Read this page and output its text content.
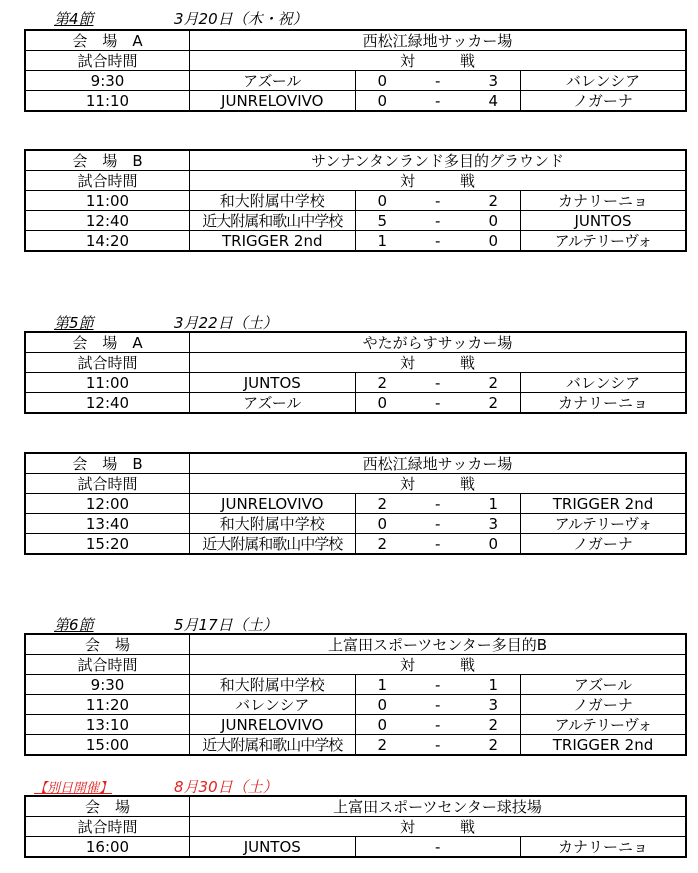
第4節	3月20日（木・祝）
会　場　A	西松江緑地サッカー場		
試合時間	対　　　戦		
9:30	アズール	0 - 3	バレンシア
11:10	JUNRELOVIVO	0 - 4	ノガーナ
会　場　B	サンナンタンランド多目的グラウンド		
試合時間	対　　　戦		
11:00	和大附属中学校	0 - 2	カナリーニョ
12:40	近大附属和歌山中学校	5 - 0	JUNTOS
14:20	TRIGGER 2nd	1 - 0	アルテリーヴォ
第5節	3月22日（土）
会　場　A	やたがらすサッカー場		
試合時間	対　　　戦		
11:00	JUNTOS	2 - 2	バレンシア
12:40	アズール	0 - 2	カナリーニョ
会　場　B	西松江緑地サッカー場		
試合時間	対　　　戦		
12:00	JUNRELOVIVO	2 - 1	TRIGGER 2nd
13:40	和大附属中学校	0 - 3	アルテリーヴォ
15:20	近大附属和歌山中学校	2 - 0	ノガーナ
第6節	5月17日（土）
会　場	上富田スポーツセンター多目的B		
試合時間	対　　　戦		
9:30	和大附属中学校	1 - 1	アズール
11:20	バレンシア	0 - 3	ノガーナ
13:10	JUNRELOVIVO	0 - 2	アルテリーヴォ
15:00	近大附属和歌山中学校	2 - 2	TRIGGER 2nd
【別日開催】	8月30日（土）
会　場	上富田スポーツセンター球技場		
試合時間	対　　　戦		
16:00	JUNTOS	-	カナリーニョ
